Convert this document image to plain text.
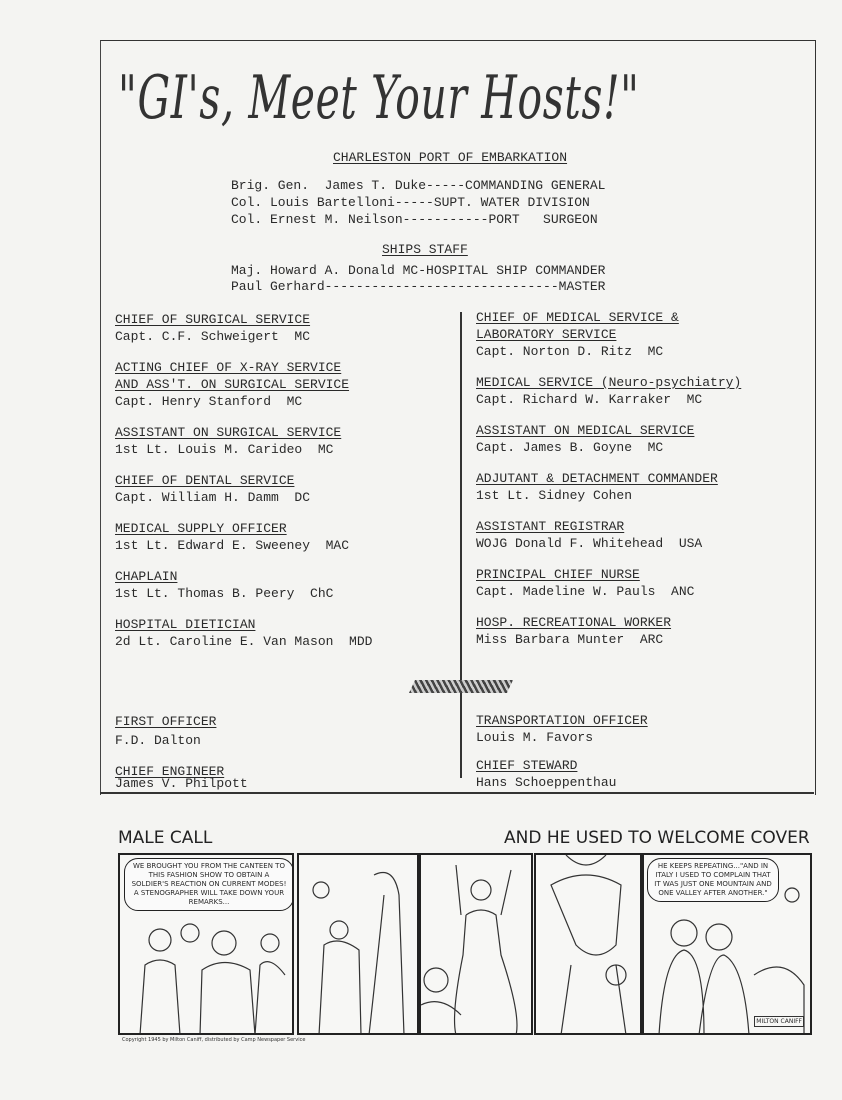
"GI's, Meet Your Hosts!"
CHARLESTON PORT OF EMBARKATION
Brig. Gen.  James T. Duke-----COMMANDING GENERAL
Col. Louis Bartelloni-----SUPT. WATER DIVISION
Col. Ernest M. Neilson-----------PORT   SURGEON
SHIPS STAFF
Maj. Howard A. Donald MC-HOSPITAL SHIP COMMANDER
Paul Gerhard------------------------------MASTER
CHIEF OF SURGICAL SERVICE
Capt. C.F. Schweigert  MC
ACTING CHIEF OF X-RAY SERVICE
AND ASS'T. ON SURGICAL SERVICE
Capt. Henry Stanford  MC
ASSISTANT ON SURGICAL SERVICE
1st Lt. Louis M. Carideo  MC
CHIEF OF DENTAL SERVICE
Capt. William H. Damm  DC
MEDICAL SUPPLY OFFICER
1st Lt. Edward E. Sweeney  MAC
CHAPLAIN
1st Lt. Thomas B. Peery  ChC
HOSPITAL DIETICIAN
2d Lt. Caroline E. Van Mason  MDD
CHIEF OF MEDICAL SERVICE &
LABORATORY SERVICE
Capt. Norton D. Ritz  MC
MEDICAL SERVICE (Neuro-psychiatry)
Capt. Richard W. Karraker  MC
ASSISTANT ON MEDICAL SERVICE
Capt. James B. Goyne  MC
ADJUTANT & DETACHMENT COMMANDER
1st Lt. Sidney Cohen
ASSISTANT REGISTRAR
WOJG Donald F. Whitehead  USA
PRINCIPAL CHIEF NURSE
Capt. Madeline W. Pauls  ANC
HOSP. RECREATIONAL WORKER
Miss Barbara Munter  ARC
FIRST OFFICER
F.D. Dalton
CHIEF ENGINEER
James V. Philpott
TRANSPORTATION OFFICER
Louis M. Favors
CHIEF STEWARD
Hans Schoeppenthau
MALE CALL	AND HE USED TO WELCOME COVER
WE BROUGHT YOU FROM THE CANTEEN TO THIS FASHION SHOW TO OBTAIN A SOLDIER'S REACTION ON CURRENT MODES! A STENOGRAPHER WILL TAKE DOWN YOUR REMARKS...
HE KEEPS REPEATING..."AND IN ITALY I USED TO COMPLAIN THAT IT WAS JUST ONE MOUNTAIN AND ONE VALLEY AFTER ANOTHER."
MILTON CANIFF
Copyright 1945 by Milton Caniff, distributed by Camp Newspaper Service
